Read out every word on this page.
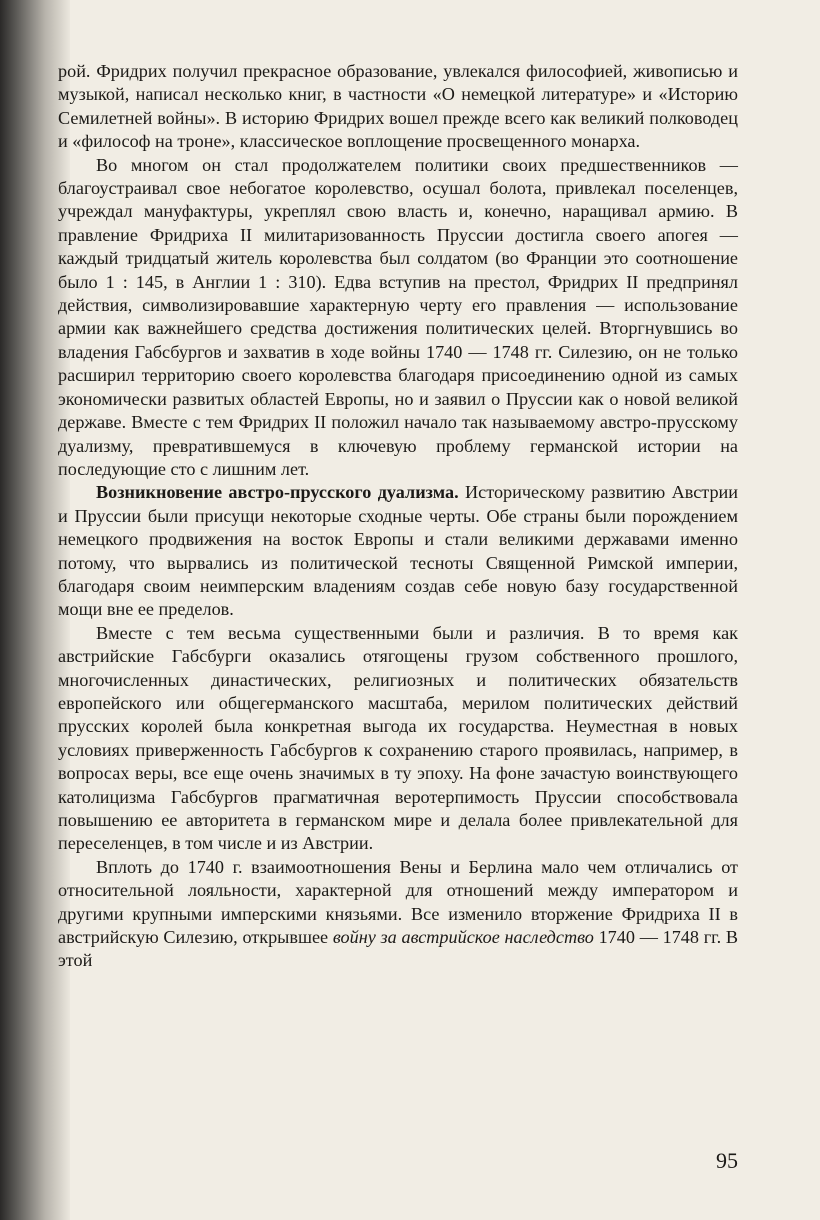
рой. Фридрих получил прекрасное образование, увлекался философией, живописью и музыкой, написал несколько книг, в частности «О немецкой литературе» и «Историю Семилетней войны». В историю Фридрих вошел прежде всего как великий полководец и «философ на троне», классическое воплощение просвещенного монарха.

Во многом он стал продолжателем политики своих предшественников — благоустраивал свое небогатое королевство, осушал болота, привлекал поселенцев, учреждал мануфактуры, укреплял свою власть и, конечно, наращивал армию. В правление Фридриха II милитаризованность Пруссии достигла своего апогея — каждый тридцатый житель королевства был солдатом (во Франции это соотношение было 1 : 145, в Англии 1 : 310). Едва вступив на престол, Фридрих II предпринял действия, символизировавшие характерную черту его правления — использование армии как важнейшего средства достижения политических целей. Вторгнувшись во владения Габсбургов и захватив в ходе войны 1740 — 1748 гг. Силезию, он не только расширил территорию своего королевства благодаря присоединению одной из самых экономически развитых областей Европы, но и заявил о Пруссии как о новой великой державе. Вместе с тем Фридрих II положил начало так называемому австро-прусскому дуализму, превратившемуся в ключевую проблему германской истории на последующие сто с лишним лет.

Возникновение австро-прусского дуализма. Историческому развитию Австрии и Пруссии были присущи некоторые сходные черты. Обе страны были порождением немецкого продвижения на восток Европы и стали великими державами именно потому, что вырвались из политической тесноты Священной Римской империи, благодаря своим неимперским владениям создав себе новую базу государственной мощи вне ее пределов.

Вместе с тем весьма существенными были и различия. В то время как австрийские Габсбурги оказались отягощены грузом собственного прошлого, многочисленных династических, религиозных и политических обязательств европейского или общегерманского масштаба, мерилом политических действий прусских королей была конкретная выгода их государства. Неуместная в новых условиях приверженность Габсбургов к сохранению старого проявилась, например, в вопросах веры, все еще очень значимых в ту эпоху. На фоне зачастую воинствующего католицизма Габсбургов прагматичная веротерпимость Пруссии способствовала повышению ее авторитета в германском мире и делала более привлекательной для переселенцев, в том числе и из Австрии.

Вплоть до 1740 г. взаимоотношения Вены и Берлина мало чем отличались от относительной лояльности, характерной для отношений между императором и другими крупными имперскими князьями. Все изменило вторжение Фридриха II в австрийскую Силезию, открывшее войну за австрийское наследство 1740 — 1748 гг. В этой

95
